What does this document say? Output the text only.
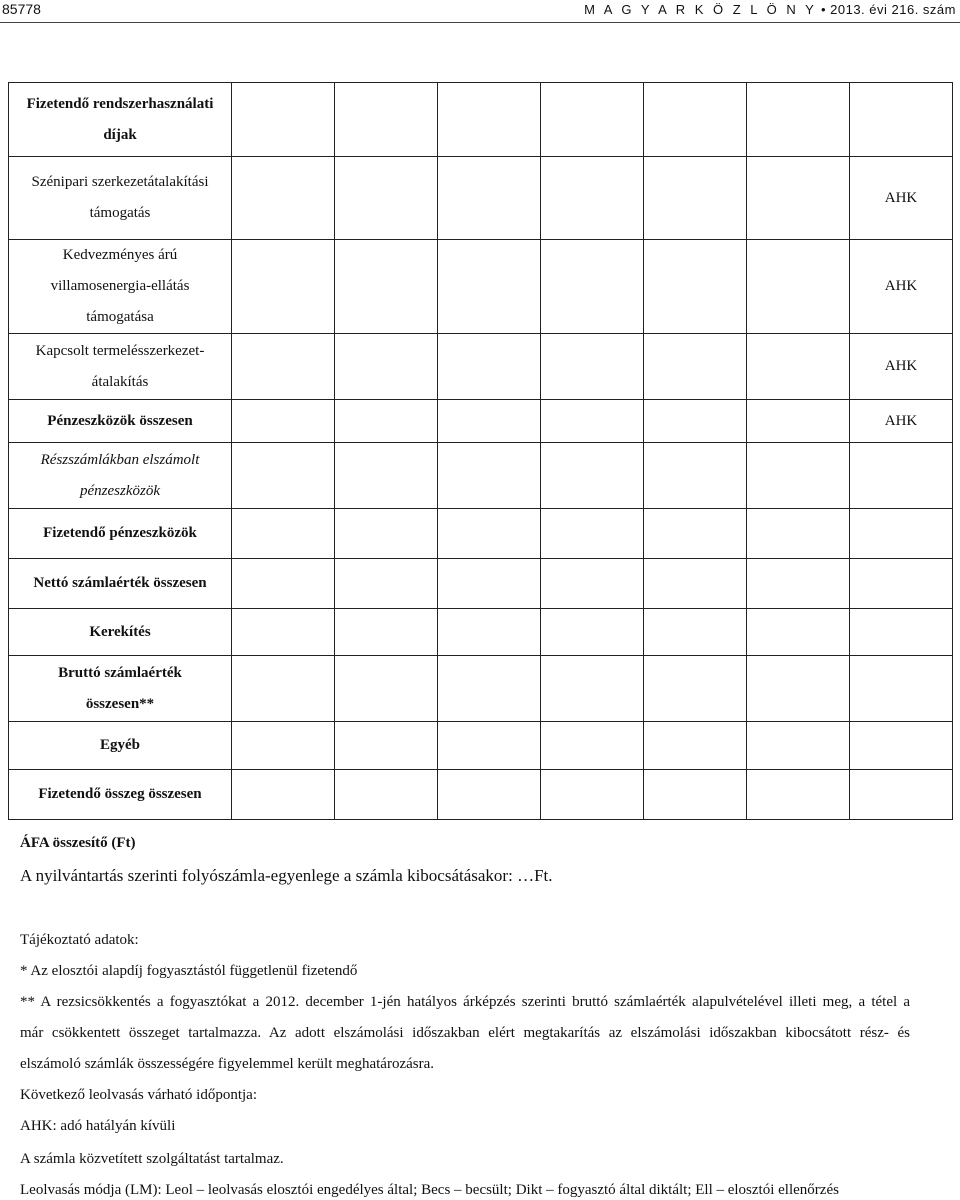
85778	M A G Y A R K Ö Z L Ö N Y • 2013. évi 216. szám
Fizetendő rendszerhasználati
díjak							

Szénipari szerkezetátalakítási
támogatás							AHK

Kedvezményes árú
villamosenergia-ellátás
támogatása							AHK

Kapcsolt termelésszerkezet-
átalakítás							AHK
Pénzeszközök összesen							AHK

Részszámlákban elszámolt
pénzeszközök							

Fizetendő pénzeszközök							
Nettó számlaérték összesen							
Kerekítés							

Bruttó számlaérték
összesen**							

Egyéb							
Fizetendő összeg összesen							
ÁFA összesítő (Ft)
A nyilvántartás szerinti folyószámla-egyenlege a számla kibocsátásakor: …Ft.
Tájékoztató adatok:
* Az elosztói alapdíj fogyasztástól függetlenül fizetendő
** A rezsicsökkentés a fogyasztókat a 2012. december 1-jén hatályos árképzés szerinti bruttó számlaérték alapulvételével illeti meg, a tétel a
már csökkentett összeget tartalmazza. Az adott elszámolási időszakban elért megtakarítás az elszámolási időszakban kibocsátott rész- és
elszámoló számlák összességére figyelemmel került meghatározásra.
Következő leolvasás várható időpontja:
AHK: adó hatályán kívüli
A számla közvetített szolgáltatást tartalmaz.
Leolvasás módja (LM): Leol – leolvasás elosztói engedélyes által; Becs – becsült; Dikt – fogyasztó által diktált; Ell – elosztói ellenőrzés
